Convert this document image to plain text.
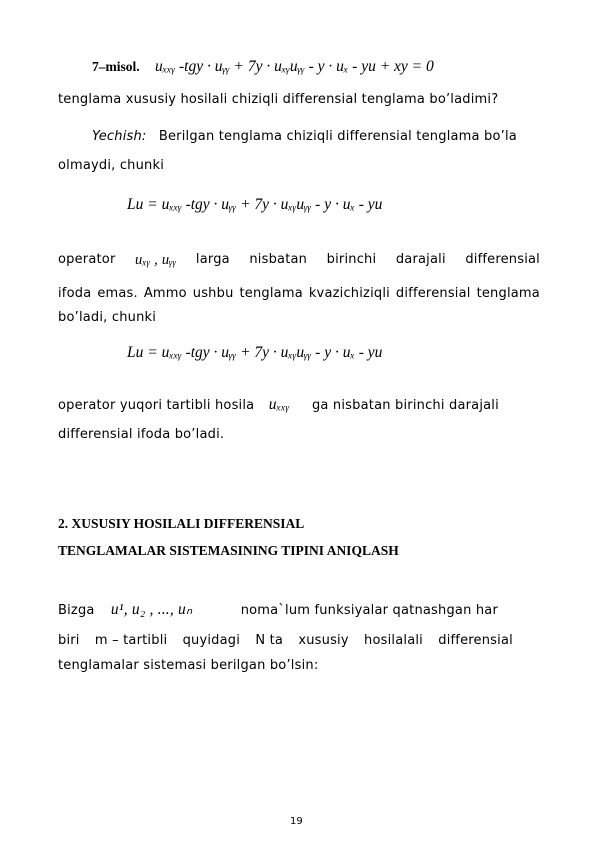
7–misol. uₓₓᵧ -tgy · uᵧᵧ + 7y · uₓᵧuᵧᵧ - y · uₓ - yu + xy = 0
tenglama xususiy hosilali chiziqli differensial tenglama bo’ladimi?
Yechish: Berilgan tenglama chiziqli differensial tenglama bo’la
olmaydi, chunki
Lu = uₓₓᵧ -tgy · uᵧᵧ + 7y · uₓᵧuᵧᵧ - y · uₓ - yu
operator uₓᵧ , uᵧᵧ larga nisbatan birinchi darajali differensial
ifoda emas. Ammo ushbu tenglama kvazichiziqli differensial tenglama
bo’ladi, chunki
Lu = uₓₓᵧ -tgy · uᵧᵧ + 7y · uₓᵧuᵧᵧ - y · uₓ - yu
operator yuqori tartibli hosila uₓₓᵧ ga nisbatan birinchi darajali
differensial ifoda bo’ladi.
2. XUSUSIY HOSILALI DIFFERENSIAL
TENGLAMALAR SISTEMASINING TIPINI ANIQLASH
Bizga u¹, u₂ , ..., uₙ	noma`lum funksiyalar qatnashgan har
biri m – tartibli quyidagi N ta xususiy hosilalali differensial
tenglamalar sistemasi berilgan bo’lsin:
19
